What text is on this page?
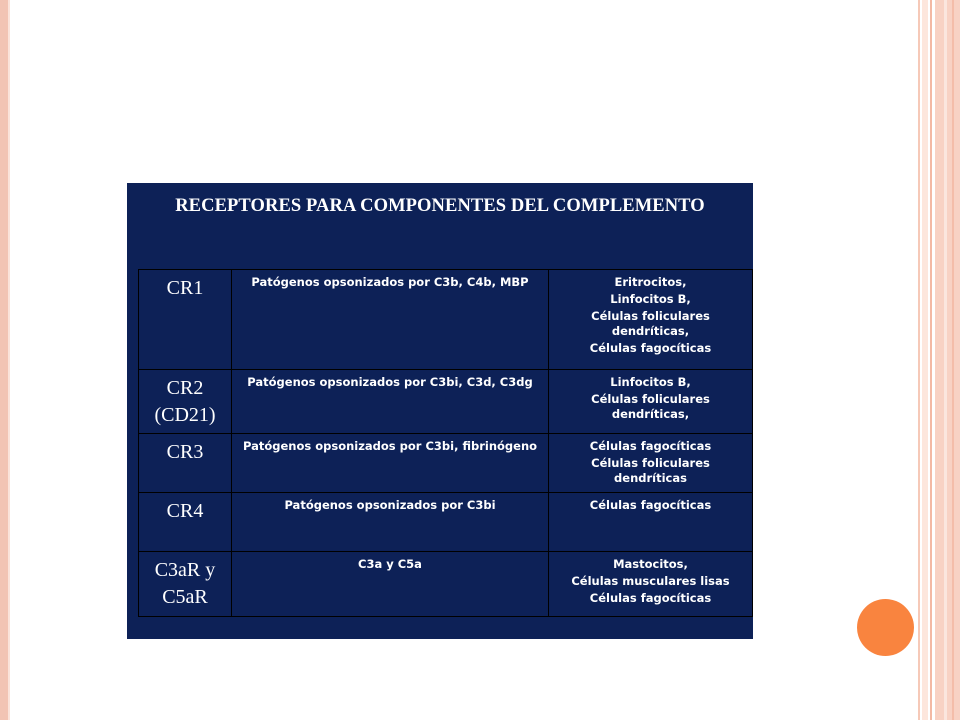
RECEPTORES PARA COMPONENTES DEL COMPLEMENTO
CR1	Patógenos opsonizados por C3b, C4b, MBP	Eritrocitos,
Linfocitos B,
Células foliculares dendríticas,
Células fagocíticas

CR2
(CD21)	Patógenos opsonizados por C3bi, C3d, C3dg	Linfocitos B,
Células foliculares dendríticas,

CR3	Patógenos opsonizados por C3bi, fibrinógeno	Células fagocíticas
Células foliculares dendríticas

CR4	Patógenos opsonizados por C3bi	Células fagocíticas

C3aR y
C5aR	C3a y C5a	Mastocitos,
Células musculares lisas
Células fagocíticas
